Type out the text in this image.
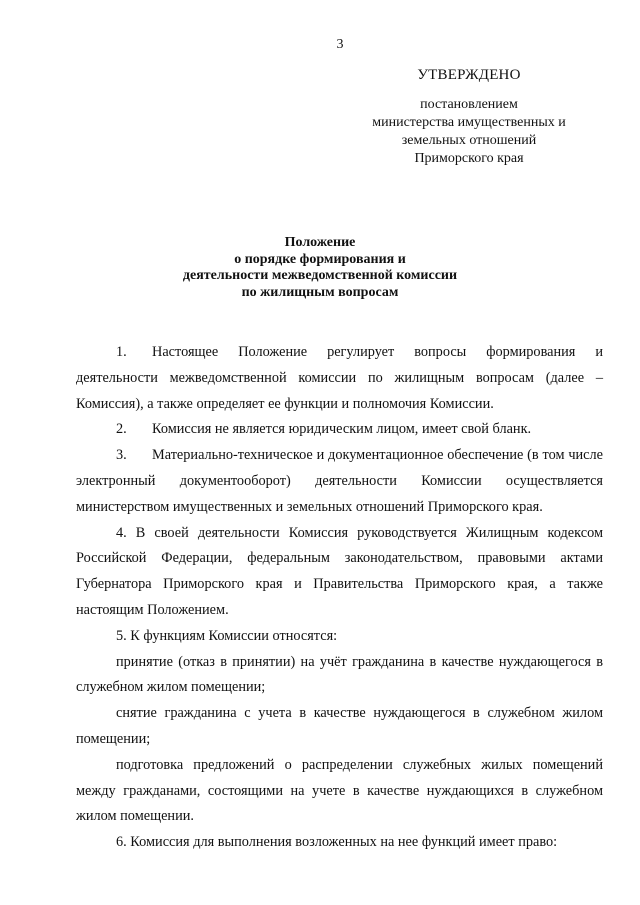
3
УТВЕРЖДЕНО
постановлением
министерства имущественных и
земельных отношений
Приморского края
Положение
о порядке формирования и
деятельности межведомственной комиссии
по жилищным вопросам

1. Настоящее Положение регулирует вопросы формирования и деятельности межведомственной комиссии по жилищным вопросам (далее – Комиссия), а также определяет ее функции и полномочия Комиссии.

2. Комиссия не является юридическим лицом, имеет свой бланк.

3. Материально-техническое и документационное обеспечение (в том числе электронный документооборот) деятельности Комиссии осуществляется министерством имущественных и земельных отношений Приморского края.

4. В своей деятельности Комиссия руководствуется Жилищным кодексом Российской Федерации, федеральным законодательством, правовыми актами Губернатора Приморского края и Правительства Приморского края, а также настоящим Положением.

5. К функциям Комиссии относятся:

принятие (отказ в принятии) на учёт гражданина в качестве нуждающегося в служебном жилом помещении;

снятие гражданина с учета в качестве нуждающегося в служебном жилом помещении;

подготовка предложений о распределении служебных жилых помещений между гражданами, состоящими на учете в качестве нуждающихся в служебном жилом помещении.

6. Комиссия для выполнения возложенных на нее функций имеет право:
